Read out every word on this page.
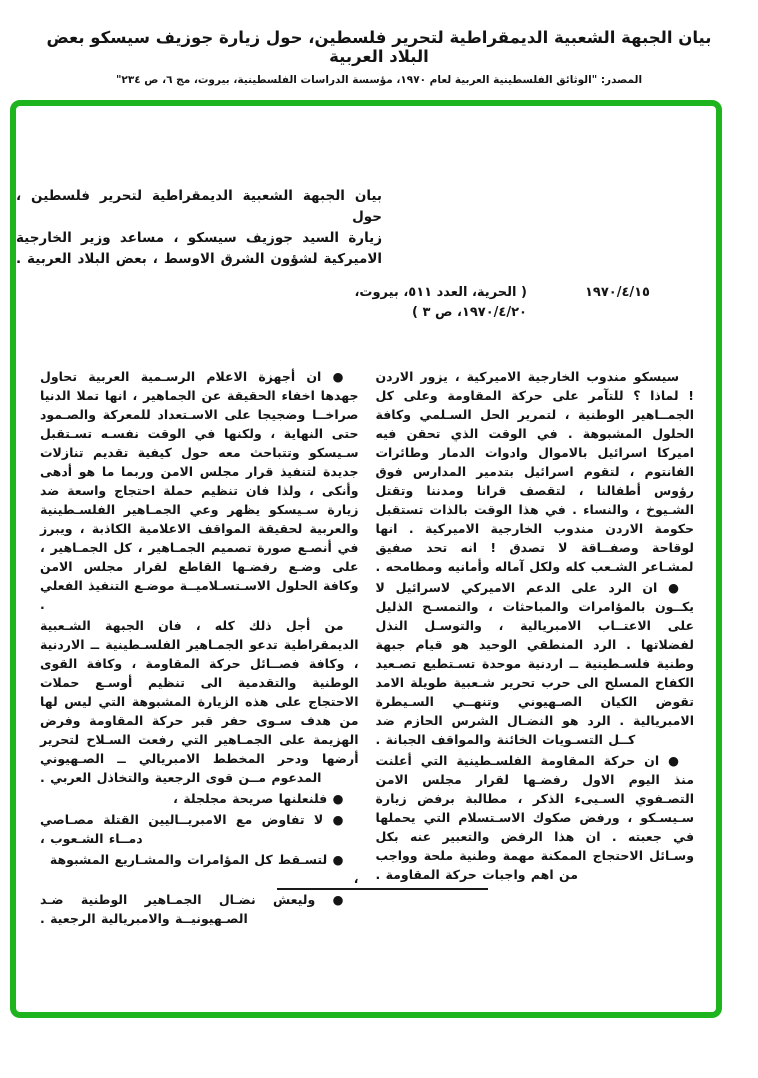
بيان الجبهة الشعبية الديمقراطية لتحرير فلسطين، حول زيارة جوزيف سيسكو بعض البلاد العربية
المصدر: "الوثائق الفلسطينية العربية لعام ١٩٧٠، مؤسسة الدراسات الفلسطينية، بيروت، مج ٦، ص ٢٣٤"
بيان الجبهة الشعبية الديمقراطية لتحرير فلسطين ، حول
زيارة السيد جوزيف سيسكو ، مساعد وزير الخارجية
الاميركية لشؤون الشرق الاوسط ، بعض البلاد العربية .
١٩٧٠/٤/١٥
( الحرية، العدد ٥١١، بيروت،
١٩٧٠/٤/٢٠، ص ٣ )
سيسكو مندوب الخارجية الاميركية ، يزور الاردن ! لماذا ؟ للتآمر على حركة المقاومة وعلى كل الجمــاهير الوطنية ، لتمرير الحل السـلمي وكافة الحلول المشبوهة . في الوقت الذي تحقن فيه اميركا اسرائيل بالاموال وادوات الدمار وطائرات الفانتوم ، لتقوم اسرائيل بتدمير المدارس فوق رؤوس أطفالنا ، لتقصف قرانا ومدننا وتقتل الشـيوخ ، والنساء . في هذا الوقت بالذات تستقبل حكومة الاردن مندوب الخارجية الاميركية . انها لوقاحة وصفــاقة لا تصدق ! انه تحد صفيق لمشـاعر الشـعب كله ولكل آماله وأمانيه ومطامحه .
● ان الرد على الدعم الاميركي لاسرائيل لا يكــون بالمؤامرات والمباحثات ، والتمسـح الذليل على الاعتــاب الامبريالية ، والتوسـل النذل لفضلاتها . الرد المنطقي الوحيد هو قيام جبهة وطنية فلسـطينية ــ اردنية موحدة تسـتطيع تصـعيد الكفاح المسلح الى حرب تحرير شـعبية طويلة الامد تقوض الكيان الصـهيوني وتنهــي السـيطرة الامبريالية . الرد هو النضـال الشرس الحازم ضد كــل التسـويات الخائنة والمواقف الجبانة .
● ان حركة المقاومة الفلسـطينية التي أعلنت منذ اليوم الاول رفضـها لقرار مجلس الامن التصـفوي السـيىء الذكر ، مطالبة برفض زيارة سـيسـكو ، ورفض صكوك الاسـتسلام التي يحملها في جعبته . ان هذا الرفض والتعبير عنه بكل وسـائل الاحتجاج الممكنة مهمة وطنية ملحة وواجب من اهم واجبات حركة المقاومة .
● ان أجهزة الاعلام الرسـمية العربية تحاول جهدها اخفاء الحقيقة عن الجماهير ، انها تملا الدنيا صراخــا وضجيجا على الاسـتعداد للمعركة والصـمود حتى النهاية ، ولكنها في الوقت نفسـه تسـتقبل سـيسكو وتتباحث معه حول كيفية تقديم تنازلات جديدة لتنفيذ قرار مجلس الامن وربما ما هو أدهى وأنكى ، ولذا فان تنظيم حملة احتجاج واسعة ضد زيارة سـيسكو يظهر وعي الجمـاهير الفلسـطينية والعربية لحقيقة المواقف الاعلامية الكاذبة ، ويبرز في أنصـع صورة تصميم الجمـاهير ، كل الجمـاهير ، على وضـع رفضـها القاطع لقرار مجلس الامن وكافة الحلول الاسـتسـلاميــة موضـع التنفيذ الفعلي .
من أجل ذلك كله ، فان الجبهة الشـعبية الديمقراطية تدعو الجمـاهير الفلسـطينية ــ الاردنية ، وكافة فصــائل حركة المقاومة ، وكافة القوى الوطنية والتقدمية الى تنظيم أوسـع حملات الاحتجاج على هذه الزيارة المشبوهة التي ليس لها من هدف سـوى حفر قبر حركة المقاومة وفرض الهزيمة على الجمـاهير التي رفعت السـلاح لتحرير أرضها ودحر المخطط الامبريالي ــ الصـهيوني المدعوم مــن قوى الرجعية والتخاذل العربي .
● فلنعلنها صريحة مجلجلة ،
● لا تفاوض مع الامبريــاليين القتلة مصـاصي دمــاء الشـعوب ،
● لتسـقط كل المؤامرات والمشـاريع المشبوهة ،
● وليعش نضـال الجمـاهير الوطنية ضـد الصـهيونيــة والامبريالية الرجعية .
